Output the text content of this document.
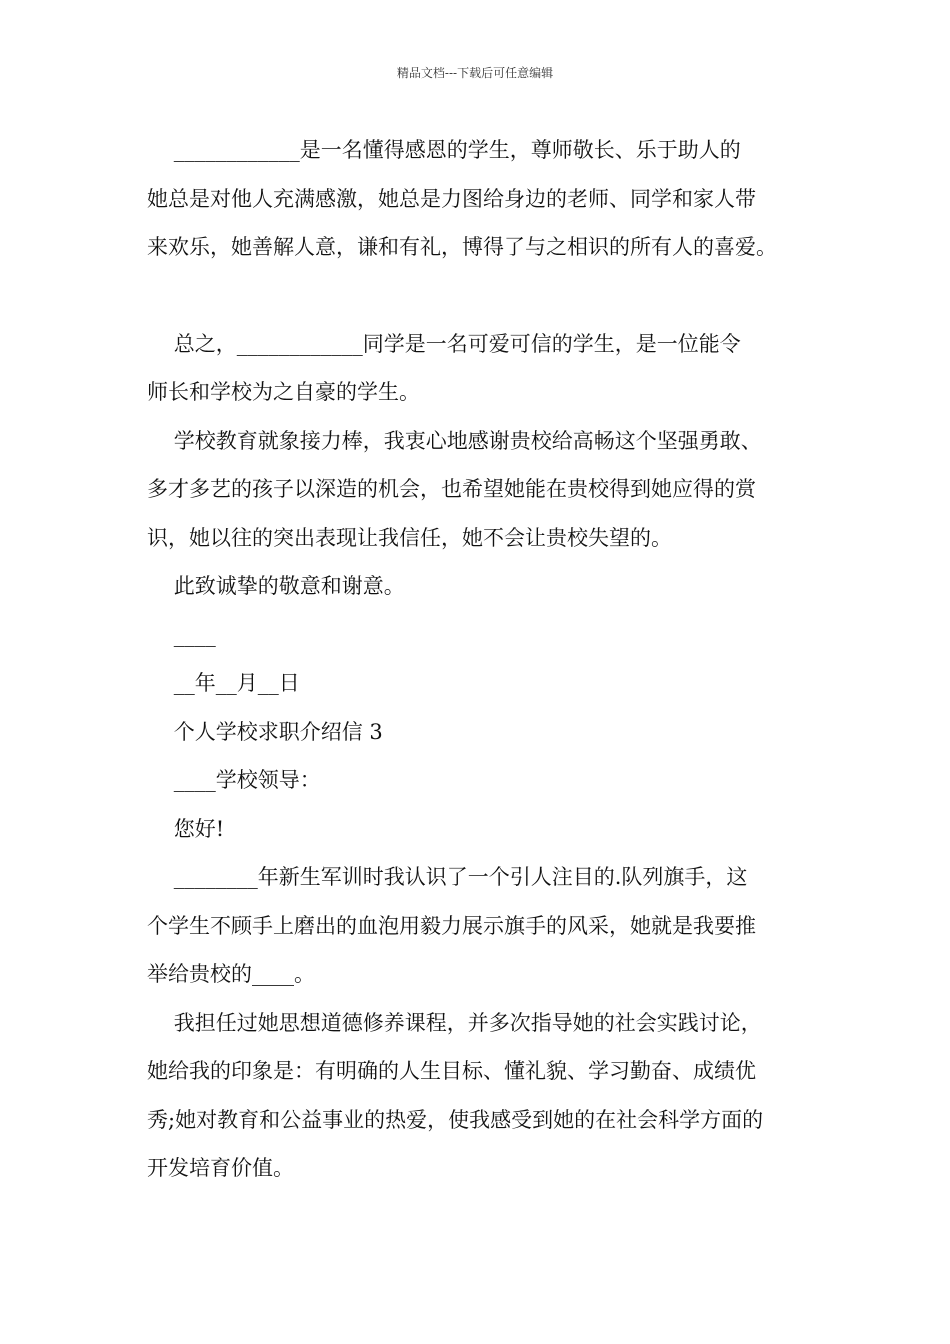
精品文档---下载后可任意编辑

____________是一名懂得感恩的学生，尊师敬长、乐于助人的

她总是对他人充满感激，她总是力图给身边的老师、同学和家人带

来欢乐，她善解人意，谦和有礼，博得了与之相识的所有人的喜爱。

总之，____________同学是一名可爱可信的学生，是一位能令

师长和学校为之自豪的学生。

学校教育就象接力棒，我衷心地感谢贵校给高畅这个坚强勇敢、

多才多艺的孩子以深造的机会，也希望她能在贵校得到她应得的赏

识，她以往的突出表现让我信任，她不会让贵校失望的。

此致诚挚的敬意和谢意。

____

__年__月__日

个人学校求职介绍信 3

____学校领导：

您好!

________年新生军训时我认识了一个引人注目的.队列旗手，这

个学生不顾手上磨出的血泡用毅力展示旗手的风采，她就是我要推

举给贵校的____。

我担任过她思想道德修养课程，并多次指导她的社会实践讨论，

她给我的印象是：有明确的人生目标、懂礼貌、学习勤奋、成绩优

秀;她对教育和公益事业的热爱，使我感受到她的在社会科学方面的

开发培育价值。
